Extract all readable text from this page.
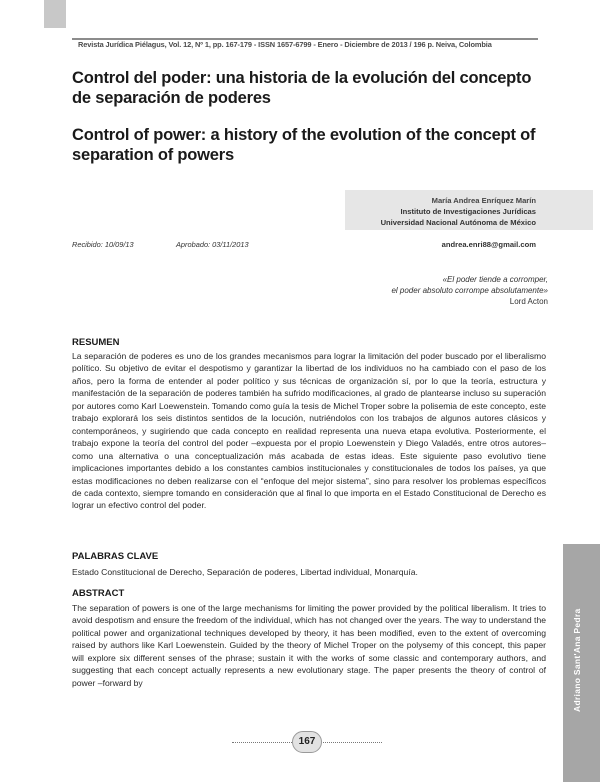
Revista Jurídica Piélagus, Vol. 12, Nº 1, pp. 167-179 - ISSN 1657-6799 - Enero - Diciembre de 2013 / 196 p. Neiva, Colombia
Control del poder: una historia de la evolución del concepto de separación de poderes
Control of power: a history of the evolution of the concept of separation of powers
María Andrea Enríquez Marín
Instituto de Investigaciones Jurídicas
Universidad Nacional Autónoma de México
Recibido: 10/09/13	Aprobado: 03/11/2013	andrea.enri88@gmail.com
«El poder tiende a corromper,
el poder absoluto corrompe absolutamente»
Lord Acton
RESUMEN

La separación de poderes es uno de los grandes mecanismos para lograr la limitación del poder buscado por el liberalismo político. Su objetivo de evitar el despotismo y garantizar la libertad de los individuos no ha cambiado con el paso de los años, pero la forma de entender al poder político y sus técnicas de organización sí, por lo que la teoría, estructura y manifestación de la separación de poderes también ha sufrido modificaciones, al grado de plantearse incluso su superación por autores como Karl Loewenstein. Tomando como guía la tesis de Michel Troper sobre la polisemia de este concepto, este trabajo explorará los seis distintos sentidos de la locución, nutriéndolos con los trabajos de algunos autores clásicos y contemporáneos, y sugiriendo que cada concepto en realidad representa una nueva etapa evolutiva. Posteriormente, el trabajo expone la teoría del control del poder –expuesta por el propio Loewenstein y Diego Valadés, entre otros autores– como una alternativa o una conceptualización más acabada de estas ideas. Este siguiente paso evolutivo tiene implicaciones importantes debido a los constantes cambios institucionales y constitucionales de todos los países, ya que estas modificaciones no deben realizarse con el “enfoque del mejor sistema”, sino para resolver los problemas específicos de cada contexto, siempre tomando en consideración que al final lo que importa en el Estado Constitucional de Derecho es lograr un efectivo control del poder.

PALABRAS CLAVE

Estado Constitucional de Derecho, Separación de poderes, Libertad individual, Monarquía.

ABSTRACT

The separation of powers is one of the large mechanisms for limiting the power provided by the political liberalism. It tries to avoid despotism and ensure the freedom of the individual, which has not changed over the years. The way to understand the political power and organizational techniques developed by theory, it has been modified, even to the extent of overcoming raised by authors like Karl Loewenstein. Guided by the theory of Michel Troper on the polysemy of this concept, this paper will explore six different senses of the phrase; sustain it with the works of some classic and contemporary authors, and suggesting that each concept actually represents a new evolutionary stage. The paper presents the theory of control of power –forward by	Adriano Sant'Ana Pedra
167
